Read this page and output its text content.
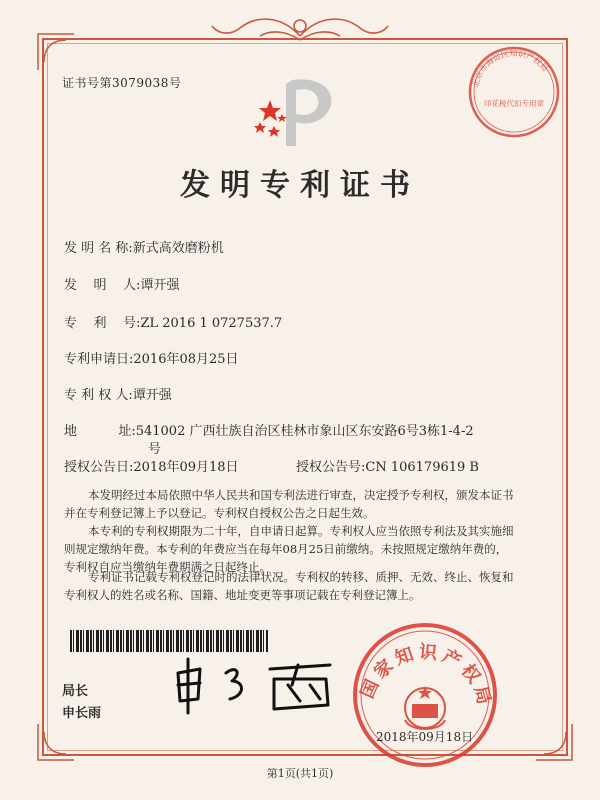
证书号第3079038号	北京市海淀区知识产权局
印花税代扣专用章
发明专利证书
发 明 名 称:新式高效磨粉机
发    明    人:谭开强
专    利    号:ZL 2016 1 0727537.7
专利申请日:2016年08月25日
专 利 权 人:谭开强
地          址:541002 广西壮族自治区桂林市象山区东安路6号3栋1-4-2
号
授权公告日:2018年09月18日	授权公告号:CN 106179619 B
本发明经过本局依照中华人民共和国专利法进行审查，决定授予专利权，颁发本证书
并在专利登记簿上予以登记。专利权自授权公告之日起生效。
本专利的专利权期限为二十年，自申请日起算。专利权人应当依照专利法及其实施细
则规定缴纳年费。本专利的年费应当在每年08月25日前缴纳。未按照规定缴纳年费的，
专利权自应当缴纳年费期满之日起终止。
专利证书记载专利权登记时的法律状况。专利权的转移、质押、无效、终止、恢复和
专利权人的姓名或名称、国籍、地址变更等事项记载在专利登记簿上。
局长
申长雨
国家知识产权局
2018年09月18日
第1页(共1页)
